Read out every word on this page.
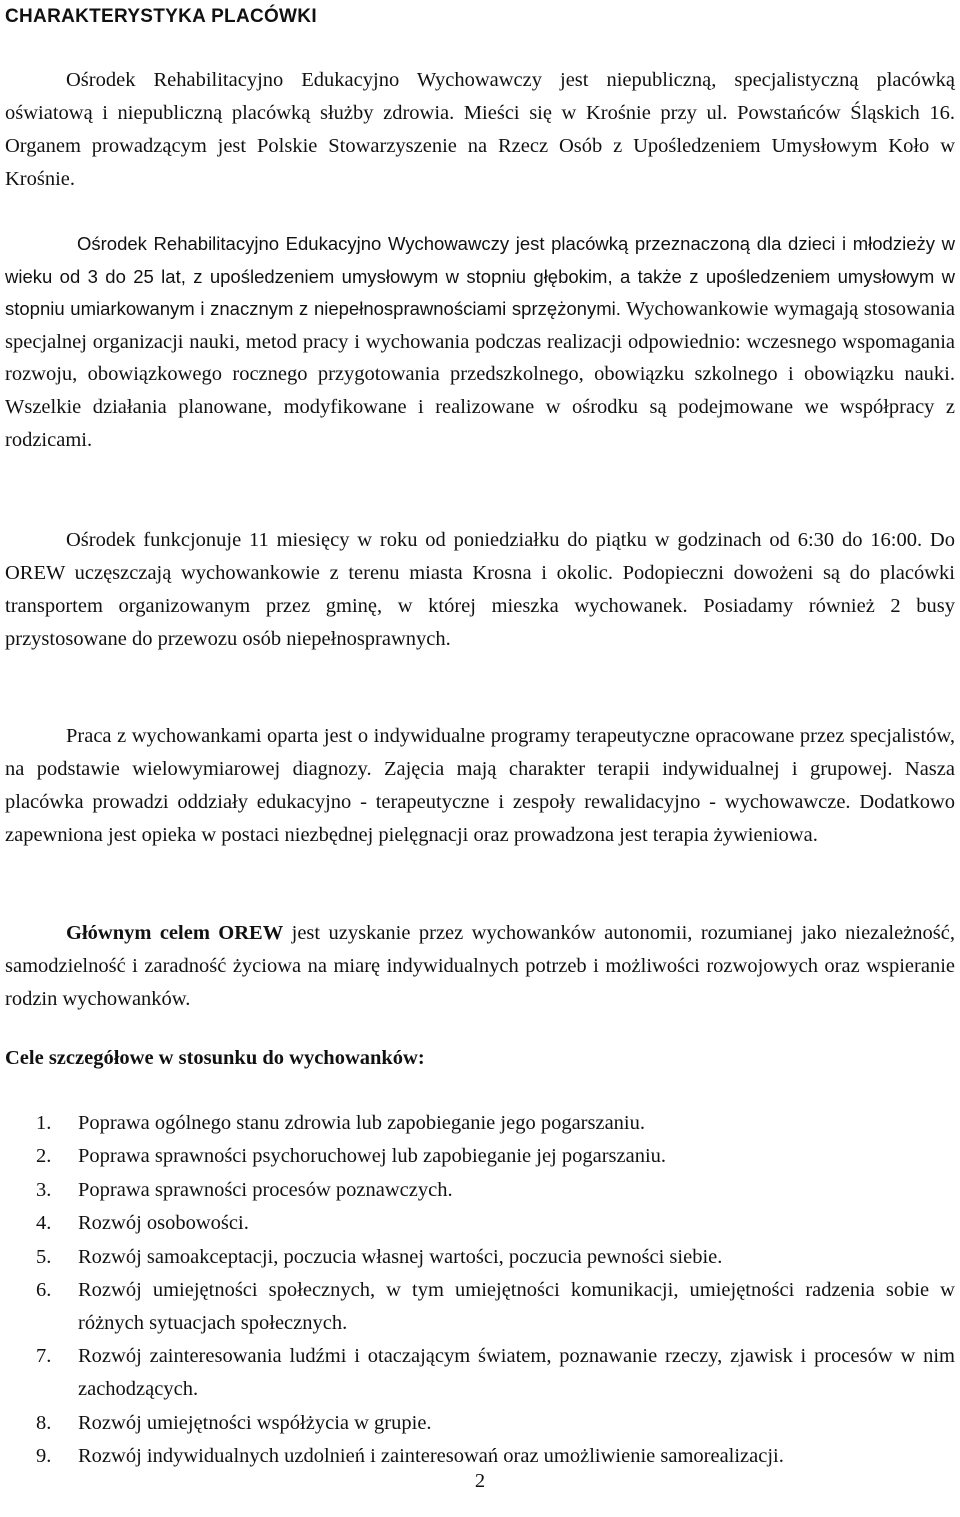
CHARAKTERYSTYKA PLACÓWKI

Ośrodek Rehabilitacyjno Edukacyjno Wychowawczy jest niepubliczną, specjalistyczną placówką oświatową i niepubliczną placówką służby zdrowia. Mieści się w Krośnie przy ul. Powstańców Śląskich 16. Organem prowadzącym jest Polskie Stowarzyszenie na Rzecz Osób z Upośledzeniem Umysłowym Koło w Krośnie.

Ośrodek Rehabilitacyjno Edukacyjno Wychowawczy jest placówką przeznaczoną dla dzieci i młodzieży w wieku od 3 do 25 lat, z upośledzeniem umysłowym w stopniu głębokim, a także z upośledzeniem umysłowym w stopniu umiarkowanym i znacznym z niepełnosprawnościami sprzężonymi. Wychowankowie wymagają stosowania specjalnej organizacji nauki, metod pracy i wychowania podczas realizacji odpowiednio: wczesnego wspomagania rozwoju, obowiązkowego rocznego przygotowania przedszkolnego, obowiązku szkolnego i obowiązku nauki. Wszelkie działania planowane, modyfikowane i realizowane w ośrodku są podejmowane we współpracy z rodzicami.

Ośrodek funkcjonuje 11 miesięcy w roku od poniedziałku do piątku w godzinach od 6:30 do 16:00. Do OREW uczęszczają wychowankowie z terenu miasta Krosna i okolic. Podopieczni dowożeni są do placówki transportem organizowanym przez gminę, w której mieszka wychowanek. Posiadamy również 2 busy przystosowane do przewozu osób niepełnosprawnych.

Praca z wychowankami oparta jest o indywidualne programy terapeutyczne opracowane przez specjalistów, na podstawie wielowymiarowej diagnozy. Zajęcia mają charakter terapii indywidualnej i grupowej. Nasza placówka prowadzi oddziały edukacyjno - terapeutyczne i zespoły rewalidacyjno - wychowawcze. Dodatkowo zapewniona jest opieka w postaci niezbędnej pielęgnacji oraz prowadzona jest terapia żywieniowa.

Głównym celem OREW jest uzyskanie przez wychowanków autonomii, rozumianej jako niezależność, samodzielność i zaradność życiowa na miarę indywidualnych potrzeb i możliwości rozwojowych oraz wspieranie rodzin wychowanków.

Cele szczegółowe w stosunku do wychowanków:
1.	Poprawa ogólnego stanu zdrowia lub zapobieganie jego pogarszaniu.
2.	Poprawa sprawności psychoruchowej lub zapobieganie jej pogarszaniu.
3.	Poprawa sprawności procesów poznawczych.
4.	Rozwój osobowości.
5.	Rozwój samoakceptacji, poczucia własnej wartości, poczucia pewności siebie.
6.	Rozwój umiejętności społecznych, w tym umiejętności komunikacji, umiejętności radzenia sobie w różnych sytuacjach społecznych.
7.	Rozwój zainteresowania ludźmi i otaczającym światem, poznawanie rzeczy, zjawisk i procesów w nim zachodzących.
8.	Rozwój umiejętności współżycia w grupie.
9.	Rozwój indywidualnych uzdolnień i zainteresowań oraz umożliwienie samorealizacji.
2
